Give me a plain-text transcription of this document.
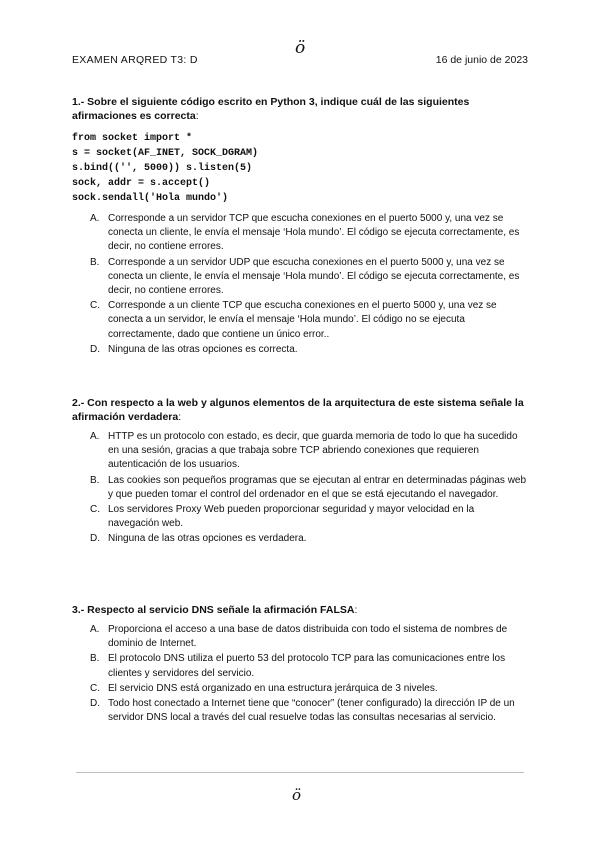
EXAMEN ARQRED T3: D
ö
16 de junio de 2023

1.- Sobre el siguiente código escrito en Python 3, indique cuál de las siguientes afirmaciones es correcta:

from socket import *
s = socket(AF_INET, SOCK_DGRAM)
s.bind(('', 5000)) s.listen(5)
sock, addr = s.accept()
sock.sendall('Hola mundo')
A. Corresponde a un servidor TCP que escucha conexiones en el puerto 5000 y, una vez se conecta un cliente, le envía el mensaje ‘Hola mundo’. El código se ejecuta correctamente, es decir, no contiene errores.
B. Corresponde a un servidor UDP que escucha conexiones en el puerto 5000 y, una vez se conecta un cliente, le envía el mensaje ‘Hola mundo’. El código se ejecuta correctamente, es decir, no contiene errores.
C. Corresponde a un cliente TCP que escucha conexiones en el puerto 5000 y, una vez se conecta a un servidor, le envía el mensaje ‘Hola mundo’. El código no se ejecuta correctamente, dado que contiene un único error..
D. Ninguna de las otras opciones es correcta.

2.- Con respecto a la web y algunos elementos de la arquitectura de este sistema señale la afirmación verdadera:

A. HTTP es un protocolo con estado, es decir, que guarda memoria de todo lo que ha sucedido en una sesión, gracias a que trabaja sobre TCP abriendo conexiones que requieren autenticación de los usuarios.
B. Las cookies son pequeños programas que se ejecutan al entrar en determinadas páginas web y que pueden tomar el control del ordenador en el que se está ejecutando el navegador.
C. Los servidores Proxy Web pueden proporcionar seguridad y mayor velocidad en la navegación web.
D. Ninguna de las otras opciones es verdadera.

3.- Respecto al servicio DNS señale la afirmación FALSA:

A. Proporciona el acceso a una base de datos distribuida con todo el sistema de nombres de dominio de Internet.
B. El protocolo DNS utiliza el puerto 53 del protocolo TCP para las comunicaciones entre los clientes y servidores del servicio.
C. El servicio DNS está organizado en una estructura jerárquica de 3 niveles.
D. Todo host conectado a Internet tiene que “conocer” (tener configurado) la dirección IP de un servidor DNS local a través del cual resuelve todas las consultas necesarias al servicio.
ö
